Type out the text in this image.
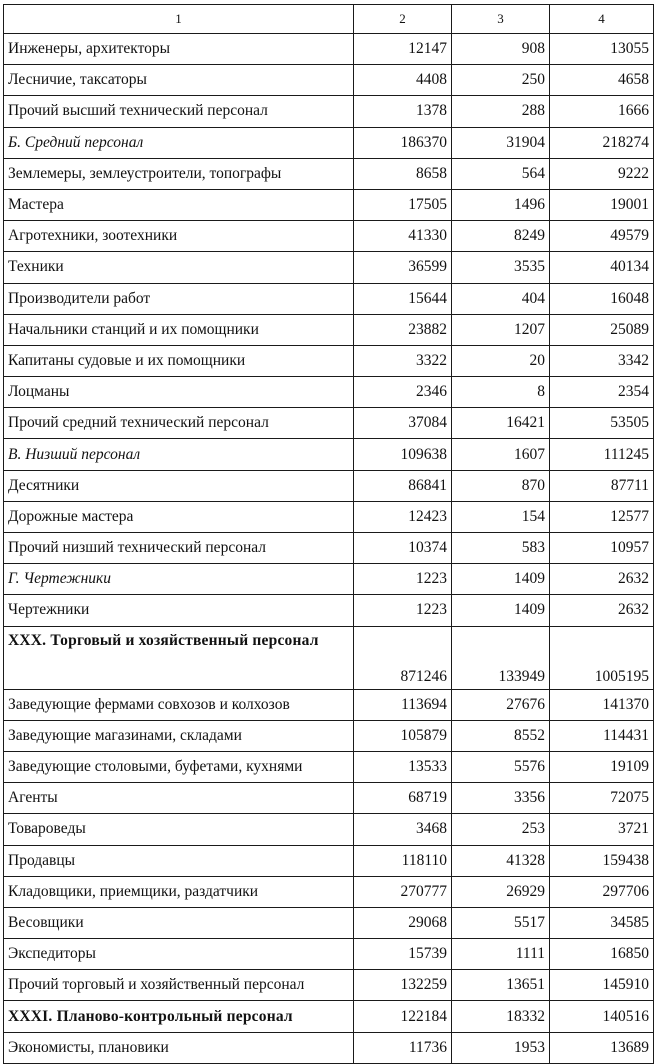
1	2	3	4
Инженеры, архитекторы	12147	908	13055
Лесничие, таксаторы	4408	250	4658
Прочий высший технический персонал	1378	288	1666
Б. Средний персонал	186370	31904	218274
Землемеры, землеустроители, топографы	8658	564	9222
Мастера	17505	1496	19001
Агротехники, зоотехники	41330	8249	49579
Техники	36599	3535	40134
Производители работ	15644	404	16048
Начальники станций и их помощники	23882	1207	25089
Капитаны судовые и их помощники	3322	20	3342
Лоцманы	2346	8	2354
Прочий средний технический персонал	37084	16421	53505
В. Низший персонал	109638	1607	111245
Десятники	86841	870	87711
Дорожные мастера	12423	154	12577
Прочий низший технический персонал	10374	583	10957
Г. Чертежники	1223	1409	2632
Чертежники	1223	1409	2632
XXX. Торговый и хозяйственный персонал	871246	133949	1005195
Заведующие фермами совхозов и колхозов	113694	27676	141370
Заведующие магазинами, складами	105879	8552	114431
Заведующие столовыми, буфетами, кухнями	13533	5576	19109
Агенты	68719	3356	72075
Товароведы	3468	253	3721
Продавцы	118110	41328	159438
Кладовщики, приемщики, раздатчики	270777	26929	297706
Весовщики	29068	5517	34585
Экспедиторы	15739	1111	16850
Прочий торговый и хозяйственный персонал	132259	13651	145910
XXXI. Планово-контрольный персонал	122184	18332	140516
Экономисты, плановики	11736	1953	13689
